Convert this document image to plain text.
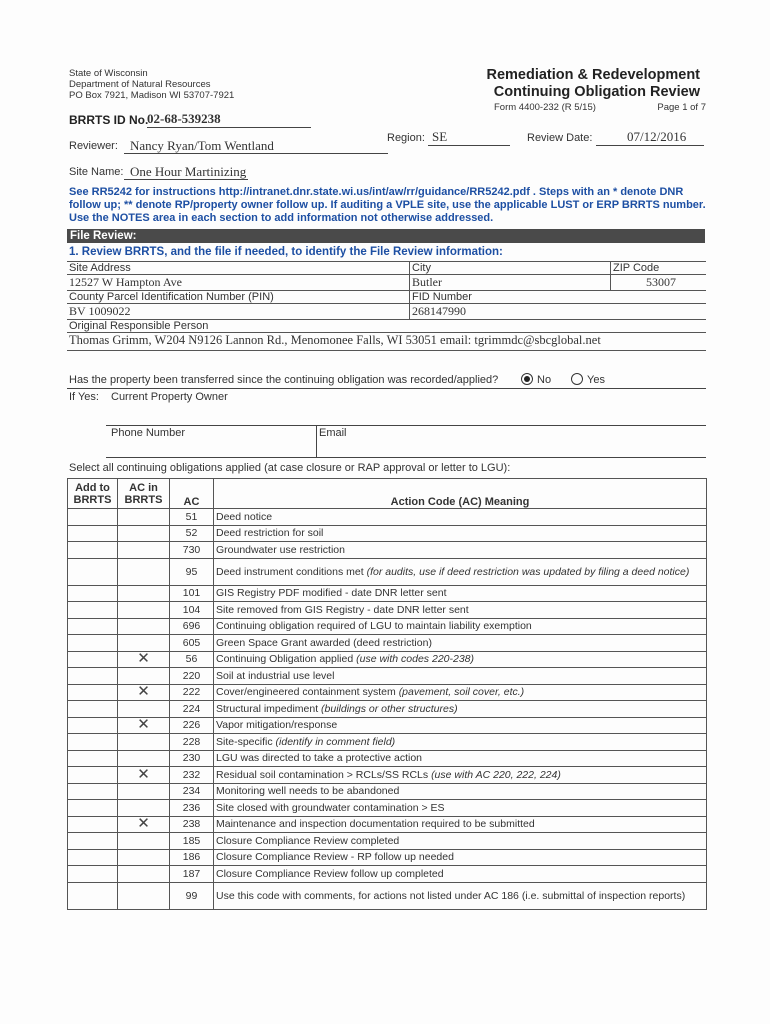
State of Wisconsin
Department of Natural Resources
PO Box 7921, Madison WI 53707-7921
Remediation & Redevelopment
Continuing Obligation Review
Form 4400-232 (R 5/15)	Page 1 of 7
BRRTS ID No.
02-68-539238
Reviewer: Nancy Ryan/Tom Wentland	Region: SE	Review Date:	07/12/2016
Site Name: One Hour Martinizing
See RR5242 for instructions http://intranet.dnr.state.wi.us/int/aw/rr/guidance/RR5242.pdf . Steps with an * denote DNR follow up; ** denote RP/property owner follow up. If auditing a VPLE site, use the applicable LUST or ERP BRRTS number. Use the NOTES area in each section to add information not otherwise addressed.
File Review:
1. Review BRRTS, and the file if needed, to identify the File Review information:
Site Address	City	ZIP Code
12527 W Hampton Ave	Butler	53007
County Parcel Identification Number (PIN)	FID Number	
BV 1009022	268147990	
Original Responsible Person		
Thomas Grimm, W204 N9126 Lannon Rd., Menomonee Falls, WI 53051 email: tgrimmdc@sbcglobal.net		
Has the property been transferred since the continuing obligation was recorded/applied?	No	Yes
If Yes: Current Property Owner
Phone Number	Email
Select all continuing obligations applied (at case closure or RAP approval or letter to LGU):
Add to BRRTS	AC in BRRTS	AC	Action Code (AC) Meaning
		51	Deed notice
		52	Deed restriction for soil
		730	Groundwater use restriction
		95	Deed instrument conditions met (for audits, use if deed restriction was updated by filing a deed notice)
		101	GIS Registry PDF modified - date DNR letter sent
		104	Site removed from GIS Registry - date DNR letter sent
		696	Continuing obligation required of LGU to maintain liability exemption
		605	Green Space Grant awarded (deed restriction)
	✕	56	Continuing Obligation applied (use with codes 220-238)
		220	Soil at industrial use level
	✕	222	Cover/engineered containment system (pavement, soil cover, etc.)
		224	Structural impediment (buildings or other structures)
	✕	226	Vapor mitigation/response
		228	Site-specific (identify in comment field)
		230	LGU was directed to take a protective action
	✕	232	Residual soil contamination > RCLs/SS RCLs (use with AC 220, 222, 224)
		234	Monitoring well needs to be abandoned
		236	Site closed with groundwater contamination > ES
	✕	238	Maintenance and inspection documentation required to be submitted
		185	Closure Compliance Review completed
		186	Closure Compliance Review - RP follow up needed
		187	Closure Compliance Review follow up completed
		99	Use this code with comments, for actions not listed under AC 186 (i.e. submittal of inspection reports)
